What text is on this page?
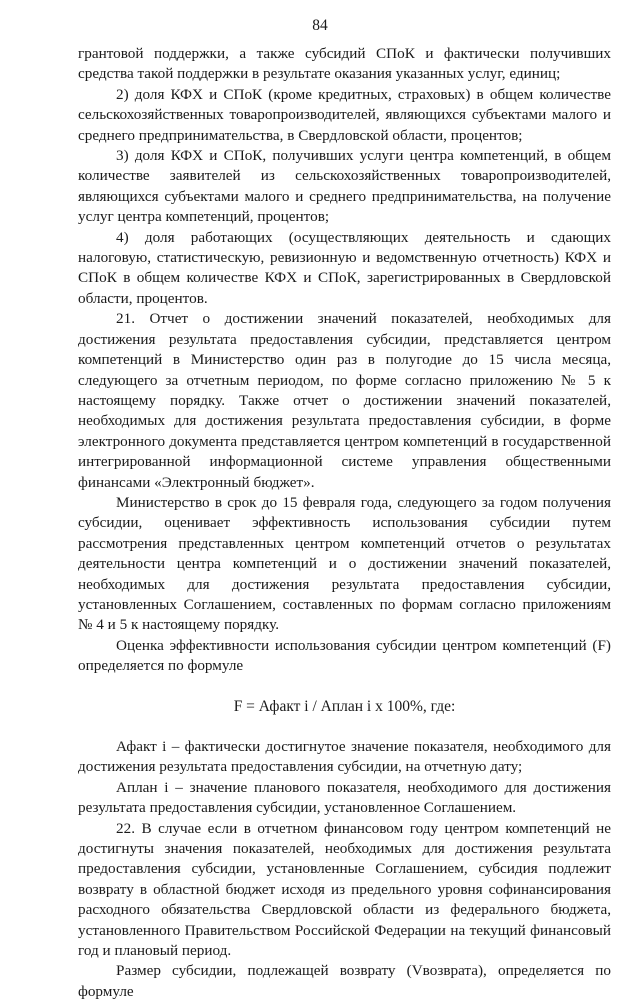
84

грантовой поддержки, а также субсидий СПоК и фактически получивших средства такой поддержки в результате оказания указанных услуг, единиц;

2) доля КФХ и СПоК (кроме кредитных, страховых) в общем количестве сельскохозяйственных товаропроизводителей, являющихся субъектами малого и среднего предпринимательства, в Свердловской области, процентов;

3) доля КФХ и СПоК, получивших услуги центра компетенций, в общем количестве заявителей из сельскохозяйственных товаропроизводителей, являющихся субъектами малого и среднего предпринимательства, на получение услуг центра компетенций, процентов;

4) доля работающих (осуществляющих деятельность и сдающих налоговую, статистическую, ревизионную и ведомственную отчетность) КФХ и СПоК в общем количестве КФХ и СПоК, зарегистрированных в Свердловской области, процентов.

21. Отчет о достижении значений показателей, необходимых для достижения результата предоставления субсидии, представляется центром компетенций в Министерство один раз в полугодие до 15 числа месяца, следующего за отчетным периодом, по форме согласно приложению № 5 к настоящему порядку. Также отчет о достижении значений показателей, необходимых для достижения результата предоставления субсидии, в форме электронного документа представляется центром компетенций в государственной интегрированной информационной системе управления общественными финансами «Электронный бюджет».

Министерство в срок до 15 февраля года, следующего за годом получения субсидии, оценивает эффективность использования субсидии путем рассмотрения представленных центром компетенций отчетов о результатах деятельности центра компетенций и о достижении значений показателей, необходимых для достижения результата предоставления субсидии, установленных Соглашением, составленных по формам согласно приложениям № 4 и 5 к настоящему порядку.

Оценка эффективности использования субсидии центром компетенций (F) определяется по формуле

F = Афакт i / Аплан i x 100%, где:

Афакт i – фактически достигнутое значение показателя, необходимого для достижения результата предоставления субсидии, на отчетную дату;

Аплан i – значение планового показателя, необходимого для достижения результата предоставления субсидии, установленное Соглашением.

22. В случае если в отчетном финансовом году центром компетенций не достигнуты значения показателей, необходимых для достижения результата предоставления субсидии, установленные Соглашением, субсидия подлежит возврату в областной бюджет исходя из предельного уровня софинансирования расходного обязательства Свердловской области из федерального бюджета, установленного Правительством Российской Федерации на текущий финансовый год и плановый период.

Размер субсидии, подлежащей возврату (Vвозврата), определяется по формуле
